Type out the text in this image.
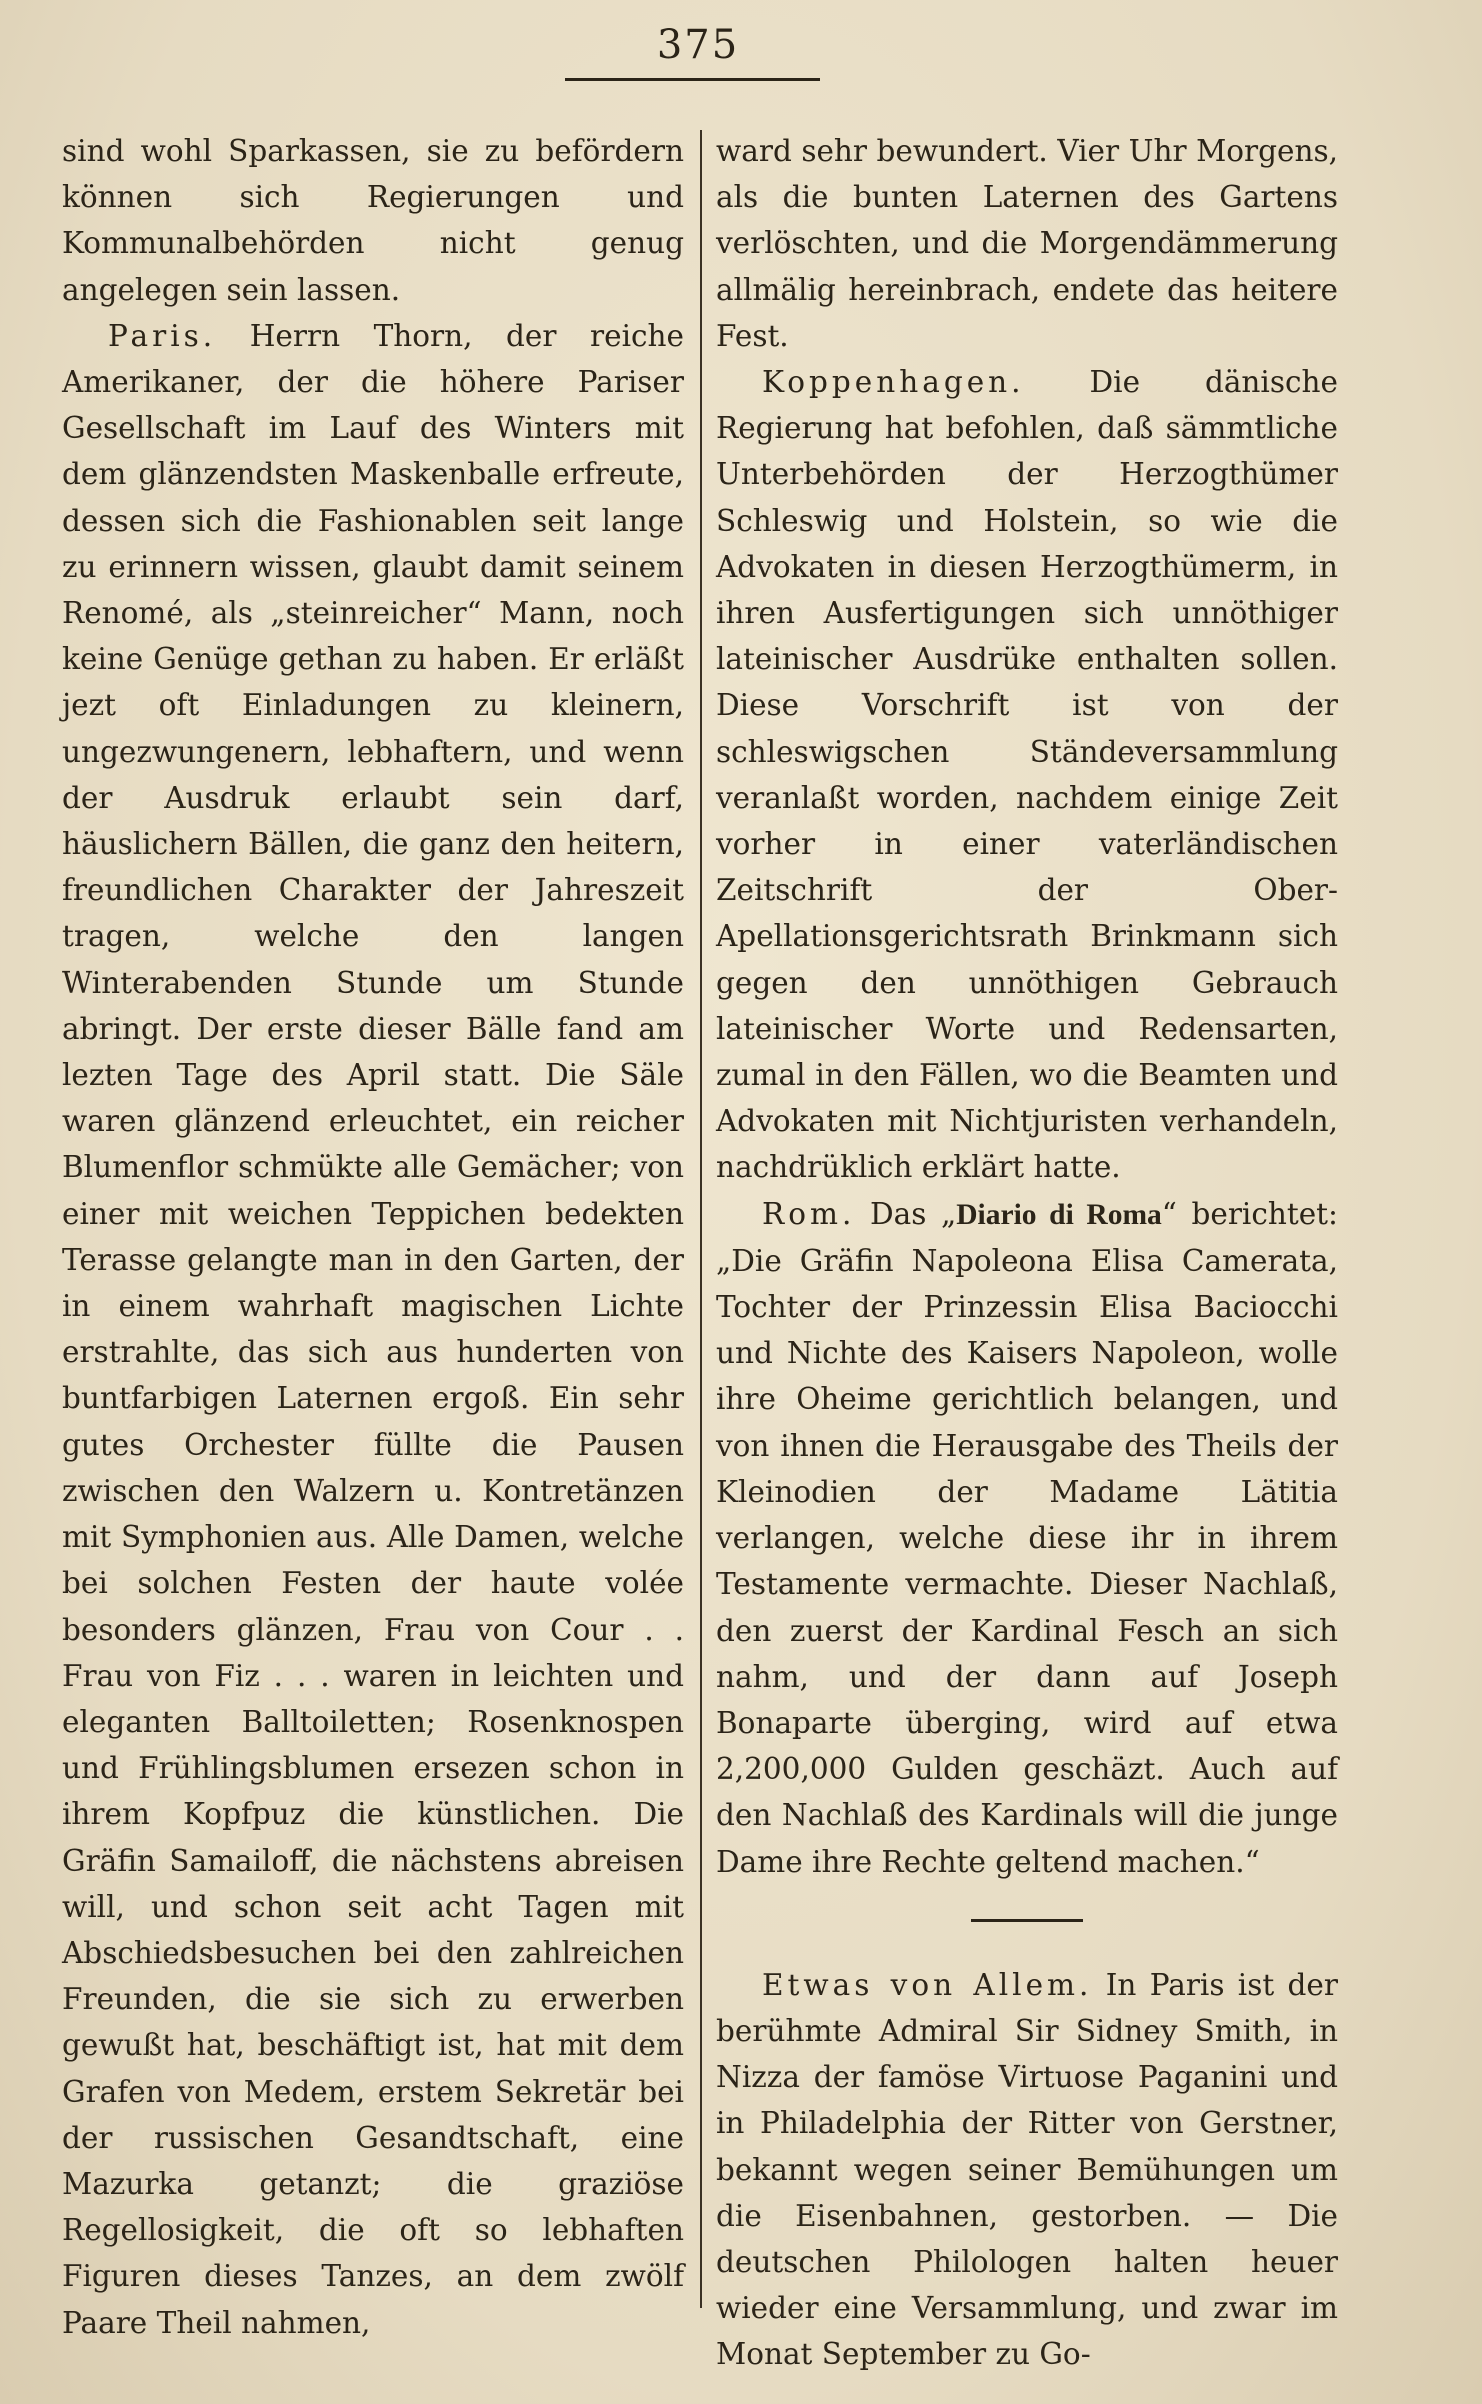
375

sind wohl Sparkassen, sie zu befördern können sich Regierungen und Kommunalbehörden nicht genug angelegen sein lassen.

Paris. Herrn Thorn, der reiche Amerikaner, der die höhere Pariser Gesellschaft im Lauf des Winters mit dem glänzendsten Maskenballe erfreute, dessen sich die Fashionablen seit lange zu erinnern wissen, glaubt damit seinem Renomé, als „steinreicher“ Mann, noch keine Genüge gethan zu haben. Er erläßt jezt oft Einladungen zu kleinern, ungezwungenern, lebhaftern, und wenn der Ausdruk erlaubt sein darf, häuslichern Bällen, die ganz den heitern, freundlichen Charakter der Jahreszeit tragen, welche den langen Winterabenden Stunde um Stunde abringt. Der erste dieser Bälle fand am lezten Tage des April statt. Die Säle waren glänzend erleuchtet, ein reicher Blumenflor schmükte alle Gemächer; von einer mit weichen Teppichen bedekten Terasse gelangte man in den Garten, der in einem wahrhaft magischen Lichte erstrahlte, das sich aus hunderten von buntfarbigen Laternen ergoß. Ein sehr gutes Orchester füllte die Pausen zwischen den Walzern u. Kontretänzen mit Symphonien aus. Alle Damen, welche bei solchen Festen der haute volée besonders glänzen, Frau von Cour . . Frau von Fiz . . . waren in leichten und eleganten Balltoiletten; Rosenknospen und Frühlingsblumen ersezen schon in ihrem Kopfpuz die künstlichen. Die Gräfin Samailoff, die nächstens abreisen will, und schon seit acht Tagen mit Abschiedsbesuchen bei den zahlreichen Freunden, die sie sich zu erwerben gewußt hat, beschäftigt ist, hat mit dem Grafen von Medem, erstem Sekretär bei der russischen Gesandtschaft, eine Mazurka getanzt; die graziöse Regellosigkeit, die oft so lebhaften Figuren dieses Tanzes, an dem zwölf Paare Theil nahmen,

ward sehr bewundert. Vier Uhr Morgens, als die bunten Laternen des Gartens verlöschten, und die Morgendämmerung allmälig hereinbrach, endete das heitere Fest.

Koppenhagen. Die dänische Regierung hat befohlen, daß sämmtliche Unterbehörden der Herzogthümer Schleswig und Holstein, so wie die Advokaten in diesen Herzogthümerm, in ihren Ausfertigungen sich unnöthiger lateinischer Ausdrüke enthalten sollen. Diese Vorschrift ist von der schleswigschen Ständeversammlung veranlaßt worden, nachdem einige Zeit vorher in einer vaterländischen Zeitschrift der Ober-Apellationsgerichtsrath Brinkmann sich gegen den unnöthigen Gebrauch lateinischer Worte und Redensarten, zumal in den Fällen, wo die Beamten und Advokaten mit Nichtjuristen verhandeln, nachdrüklich erklärt hatte.

Rom. Das „Diario di Roma“ berichtet: „Die Gräfin Napoleona Elisa Camerata, Tochter der Prinzessin Elisa Baciocchi und Nichte des Kaisers Napoleon, wolle ihre Oheime gerichtlich belangen, und von ihnen die Herausgabe des Theils der Kleinodien der Madame Lätitia verlangen, welche diese ihr in ihrem Testamente vermachte. Dieser Nachlaß, den zuerst der Kardinal Fesch an sich nahm, und der dann auf Joseph Bonaparte überging, wird auf etwa 2,200,000 Gulden geschäzt. Auch auf den Nachlaß des Kardinals will die junge Dame ihre Rechte geltend machen.“

Etwas von Allem. In Paris ist der berühmte Admiral Sir Sidney Smith, in Nizza der famöse Virtuose Paganini und in Philadelphia der Ritter von Gerstner, bekannt wegen seiner Bemühungen um die Eisenbahnen, gestorben. — Die deutschen Philologen halten heuer wieder eine Versammlung, und zwar im Monat September zu Go-
